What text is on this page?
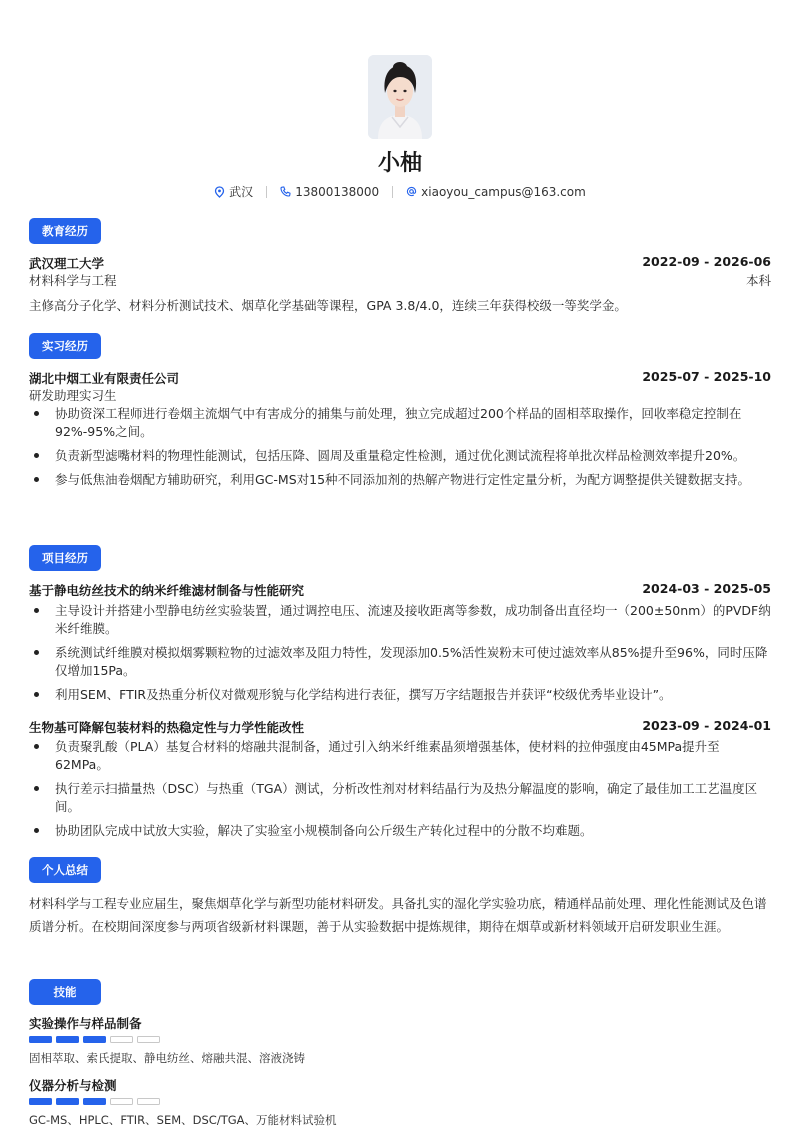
小柚
武汉	13800138000	xiaoyou_campus@163.com
教育经历
武汉理工大学	2022-09 - 2026-06
材料科学与工程	本科
主修高分子化学、材料分析测试技术、烟草化学基础等课程，GPA 3.8/4.0，连续三年获得校级一等奖学金。
实习经历
湖北中烟工业有限责任公司	2025-07 - 2025-10
研发助理实习生
协助资深工程师进行卷烟主流烟气中有害成分的捕集与前处理，独立完成超过200个样品的固相萃取操作，回收率稳定控制在92%-95%之间。
负责新型滤嘴材料的物理性能测试，包括压降、圆周及重量稳定性检测，通过优化测试流程将单批次样品检测效率提升20%。
参与低焦油卷烟配方辅助研究，利用GC-MS对15种不同添加剂的热解产物进行定性定量分析，为配方调整提供关键数据支持。
项目经历
基于静电纺丝技术的纳米纤维滤材制备与性能研究	2024-03 - 2025-05
主导设计并搭建小型静电纺丝实验装置，通过调控电压、流速及接收距离等参数，成功制备出直径均一（200±50nm）的PVDF纳米纤维膜。
系统测试纤维膜对模拟烟雾颗粒物的过滤效率及阻力特性，发现添加0.5%活性炭粉末可使过滤效率从85%提升至96%，同时压降仅增加15Pa。
利用SEM、FTIR及热重分析仪对微观形貌与化学结构进行表征，撰写万字结题报告并获评“校级优秀毕业设计”。
生物基可降解包装材料的热稳定性与力学性能改性	2023-09 - 2024-01
负责聚乳酸（PLA）基复合材料的熔融共混制备，通过引入纳米纤维素晶须增强基体，使材料的拉伸强度由45MPa提升至62MPa。
执行差示扫描量热（DSC）与热重（TGA）测试，分析改性剂对材料结晶行为及热分解温度的影响，确定了最佳加工工艺温度区间。
协助团队完成中试放大实验，解决了实验室小规模制备向公斤级生产转化过程中的分散不均难题。
个人总结
材料科学与工程专业应届生，聚焦烟草化学与新型功能材料研发。具备扎实的湿化学实验功底，精通样品前处理、理化性能测试及色谱质谱分析。在校期间深度参与两项省级新材料课题，善于从实验数据中提炼规律，期待在烟草或新材料领域开启研发职业生涯。
技能
实验操作与样品制备
固相萃取、索氏提取、静电纺丝、熔融共混、溶液浇铸
仪器分析与检测
GC-MS、HPLC、FTIR、SEM、DSC/TGA、万能材料试验机
